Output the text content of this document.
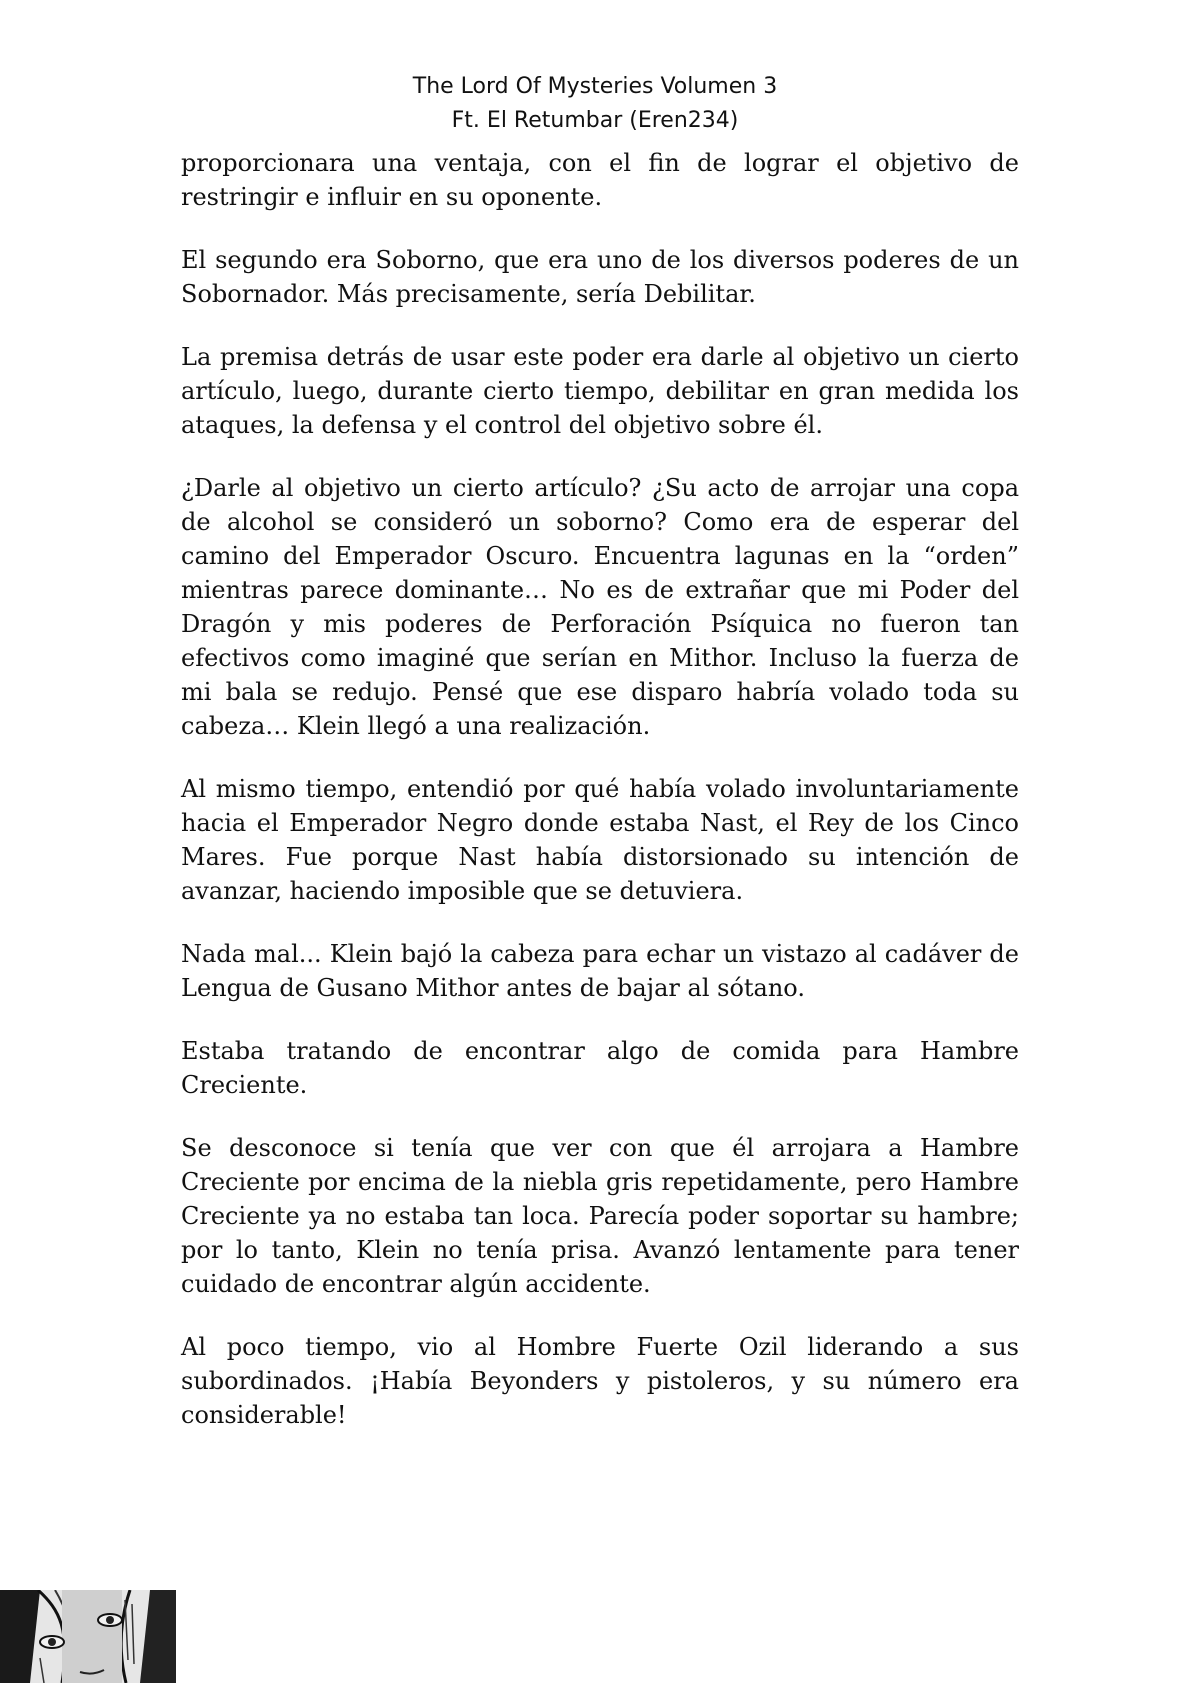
The Lord Of Mysteries Volumen 3
Ft. El Retumbar (Eren234)

proporcionara una ventaja, con el fin de lograr el objetivo de restringir e influir en su oponente.

El segundo era Soborno, que era uno de los diversos poderes de un Sobornador. Más precisamente, sería Debilitar.

La premisa detrás de usar este poder era darle al objetivo un cierto artículo, luego, durante cierto tiempo, debilitar en gran medida los ataques, la defensa y el control del objetivo sobre él.

¿Darle al objetivo un cierto artículo? ¿Su acto de arrojar una copa de alcohol se consideró un soborno? Como era de esperar del camino del Emperador Oscuro. Encuentra lagunas en la “orden” mientras parece dominante… No es de extrañar que mi Poder del Dragón y mis poderes de Perforación Psíquica no fueron tan efectivos como imaginé que serían en Mithor. Incluso la fuerza de mi bala se redujo. Pensé que ese disparo habría volado toda su cabeza… Klein llegó a una realización.

Al mismo tiempo, entendió por qué había volado involuntariamente hacia el Emperador Negro donde estaba Nast, el Rey de los Cinco Mares. Fue porque Nast había distorsionado su intención de avanzar, haciendo imposible que se detuviera.

Nada mal... Klein bajó la cabeza para echar un vistazo al cadáver de Lengua de Gusano Mithor antes de bajar al sótano.

Estaba tratando de encontrar algo de comida para Hambre Creciente.

Se desconoce si tenía que ver con que él arrojara a Hambre Creciente por encima de la niebla gris repetidamente, pero Hambre Creciente ya no estaba tan loca. Parecía poder soportar su hambre; por lo tanto, Klein no tenía prisa. Avanzó lentamente para tener cuidado de encontrar algún accidente.

Al poco tiempo, vio al Hombre Fuerte Ozil liderando a sus subordinados. ¡Había Beyonders y pistoleros, y su número era considerable!
